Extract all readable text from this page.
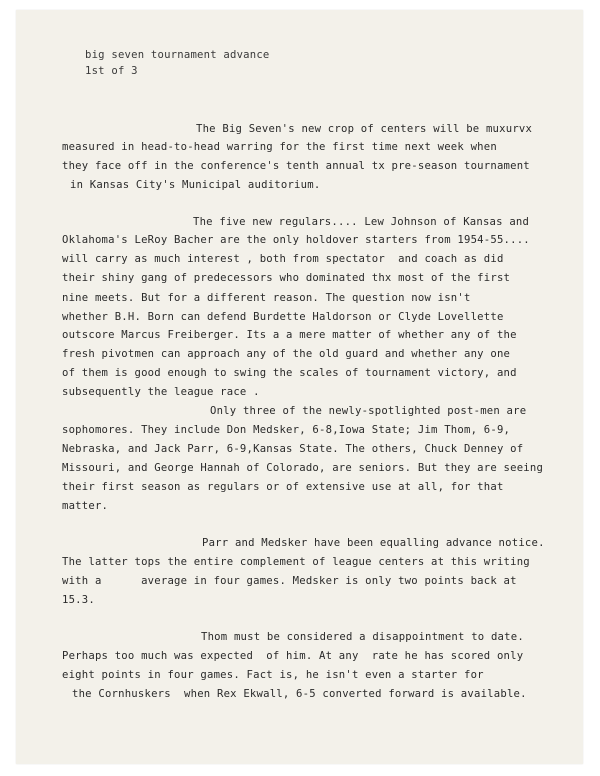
big seven tournament advance
1st of 3
The Big Seven's new crop of centers will be muxurvx
measured in head-to-head warring for the first time next week when
they face off in the conference's tenth annual tx pre-season tournament
in Kansas City's Municipal auditorium.
The five new regulars.... Lew Johnson of Kansas and
Oklahoma's LeRoy Bacher are the only holdover starters from 1954-55....
will carry as much interest , both from spectator  and coach as did
their shiny gang of predecessors who dominated thx most of the first
nine meets. But for a different reason. The question now isn't
whether B.H. Born can defend Burdette Haldorson or Clyde Lovellette
outscore Marcus Freiberger. Its a a mere matter of whether any of the
fresh pivotmen can approach any of the old guard and whether any one
of them is good enough to swing the scales of tournament victory, and
subsequently the league race .
Only three of the newly-spotlighted post-men are
sophomores. They include Don Medsker, 6-8,Iowa State; Jim Thom, 6-9,
Nebraska, and Jack Parr, 6-9,Kansas State. The others, Chuck Denney of
Missouri, and George Hannah of Colorado, are seniors. But they are seeing
their first season as regulars or of extensive use at all, for that
matter.
Parr and Medsker have been equalling advance notice.
The latter tops the entire complement of league centers at this writing
with a      average in four games. Medsker is only two points back at
15.3.
Thom must be considered a disappointment to date.
Perhaps too much was expected  of him. At any  rate he has scored only
eight points in four games. Fact is, he isn't even a starter for
the Cornhuskers  when Rex Ekwall, 6-5 converted forward is available.
